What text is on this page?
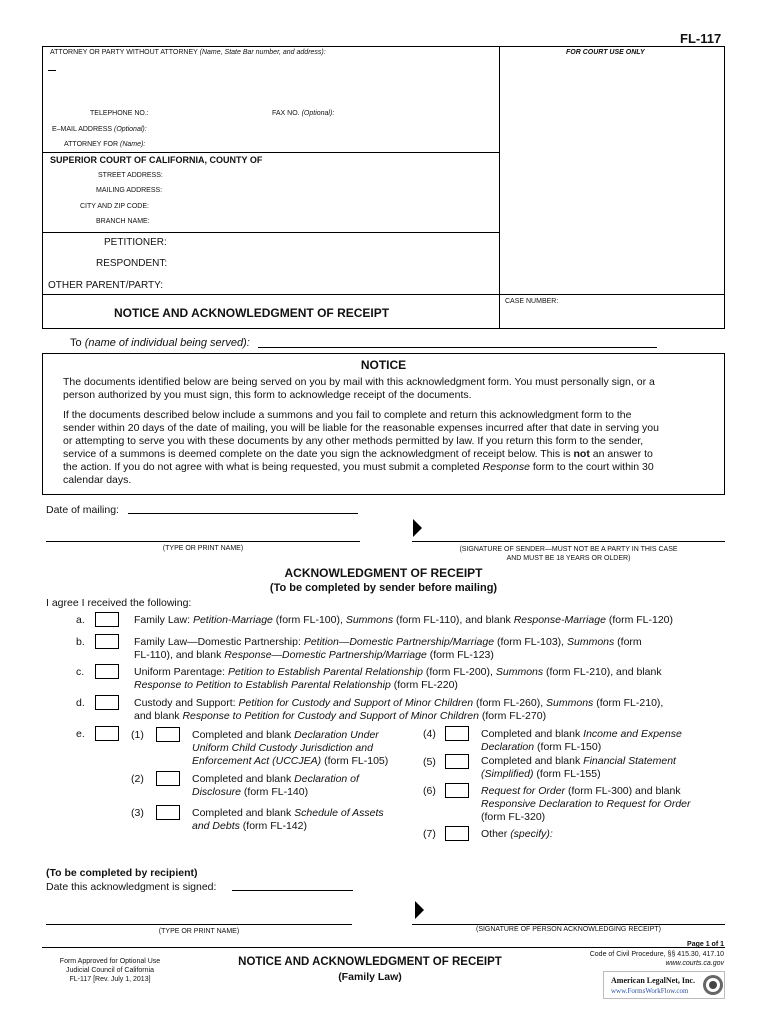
FL-117
ATTORNEY OR PARTY WITHOUT ATTORNEY (Name, State Bar number, and address):	FOR COURT USE ONLY
TELEPHONE NO.:	FAX NO. (Optional):
E–MAIL ADDRESS (Optional):
ATTORNEY FOR (Name):
SUPERIOR COURT OF CALIFORNIA, COUNTY OF
STREET ADDRESS:
MAILING ADDRESS:
CITY AND ZIP CODE:
BRANCH NAME:
PETITIONER:
RESPONDENT:
OTHER PARENT/PARTY:
NOTICE AND ACKNOWLEDGMENT OF RECEIPT
CASE NUMBER:
To (name of individual being served):
NOTICE
The documents identified below are being served on you by mail with this acknowledgment form. You must personally sign, or a
person authorized by you must sign, this form to acknowledge receipt of the documents.
If the documents described below include a summons and you fail to complete and return this acknowledgment form to the
sender within 20 days of the date of mailing, you will be liable for the reasonable expenses incurred after that date in serving you
or attempting to serve you with these documents by any other methods permitted by law. If you return this form to the sender,
service of a summons is deemed complete on the date you sign the acknowledgment of receipt below. This is not an answer to
the action. If you do not agree with what is being requested, you must submit a completed Response form to the court within 30
calendar days.
Date of mailing:
(TYPE OR PRINT NAME)	(SIGNATURE OF SENDER—MUST NOT BE A PARTY IN THIS CASE
AND MUST BE 18 YEARS OR OLDER)
ACKNOWLEDGMENT OF RECEIPT
(To be completed by sender before mailing)
I agree I received the following:
a.	Family Law: Petition-Marriage (form FL-100), Summons (form FL-110), and blank Response-Marriage (form FL-120)
b.	Family Law—Domestic Partnership: Petition—Domestic Partnership/Marriage (form FL-103), Summons (form
FL-110), and blank Response—Domestic Partnership/Marriage (form FL-123)
c.	Uniform Parentage: Petition to Establish Parental Relationship (form FL-200), Summons (form FL-210), and blank
Response to Petition to Establish Parental Relationship (form FL-220)
d.	Custody and Support: Petition for Custody and Support of Minor Children (form FL-260), Summons (form FL-210),
and blank Response to Petition for Custody and Support of Minor Children (form FL-270)
e.	(1)	Completed and blank Declaration Under
Uniform Child Custody Jurisdiction and
Enforcement Act (UCCJEA) (form FL-105)
(2)	Completed and blank Declaration of
Disclosure (form FL-140)
(3)	Completed and blank Schedule of Assets
and Debts (form FL-142)
(4)	Completed and blank Income and Expense
Declaration (form FL-150)
(5)	Completed and blank Financial Statement
(Simplified) (form FL-155)
(6)	Request for Order (form FL-300) and blank
Responsive Declaration to Request for Order
(form FL-320)
(7)	Other (specify):
(To be completed by recipient)
Date this acknowledgment is signed:
(TYPE OR PRINT NAME)	(SIGNATURE OF PERSON ACKNOWLEDGING RECEIPT)
Form Approved for Optional Use
Judicial Council of California
FL-117 [Rev. July 1, 2013]
NOTICE AND ACKNOWLEDGMENT OF RECEIPT
(Family Law)
Page 1 of 1
Code of Civil Procedure, §§ 415.30, 417.10
www.courts.ca.gov
American LegalNet, Inc.
www.FormsWorkFlow.com
